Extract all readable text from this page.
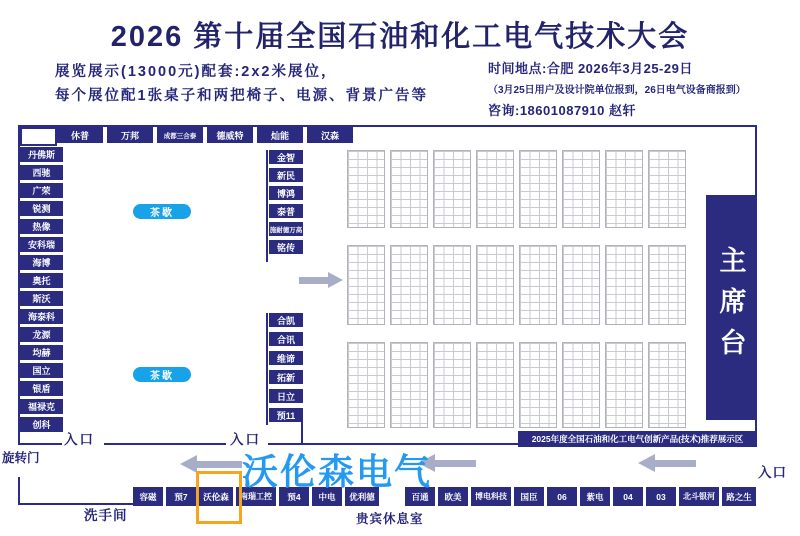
2026 第十届全国石油和化工电气技术大会
展览展示(13000元)配套:2x2米展位，
每个展位配1张桌子和两把椅子、电源、背景广告等
时间地点:合肥 2026年3月25-29日
（3月25日用户及设计院单位报到，26日电气设备商报到）
咨询:18601087910 赵轩
休普	万邦	成都三合泰	德威特	灿能	汉森
丹佛斯
西驰
广荣
锐测
热像
安科瑞
海博
奥托
斯沃
海泰科
龙源
均赫
国立
银盾
福禄克
创科
金智
新民
博鸿
泰普
施耐德万高
铭传
合凯
合讯
维谛
拓新
日立
预11
容磁	预7	沃伦森	南瑞工控	预4	中电	优利德	百通	欧美	博电科技	国臣	06	紫电	04	03	北斗银河	路之生
茶歇
茶歇
主席台
2025年度全国石油和化工电气创新产品(技术)推荐展示区
入口	入口
入口
旋转门
洗手间	贵宾休息室
沃伦森电气
